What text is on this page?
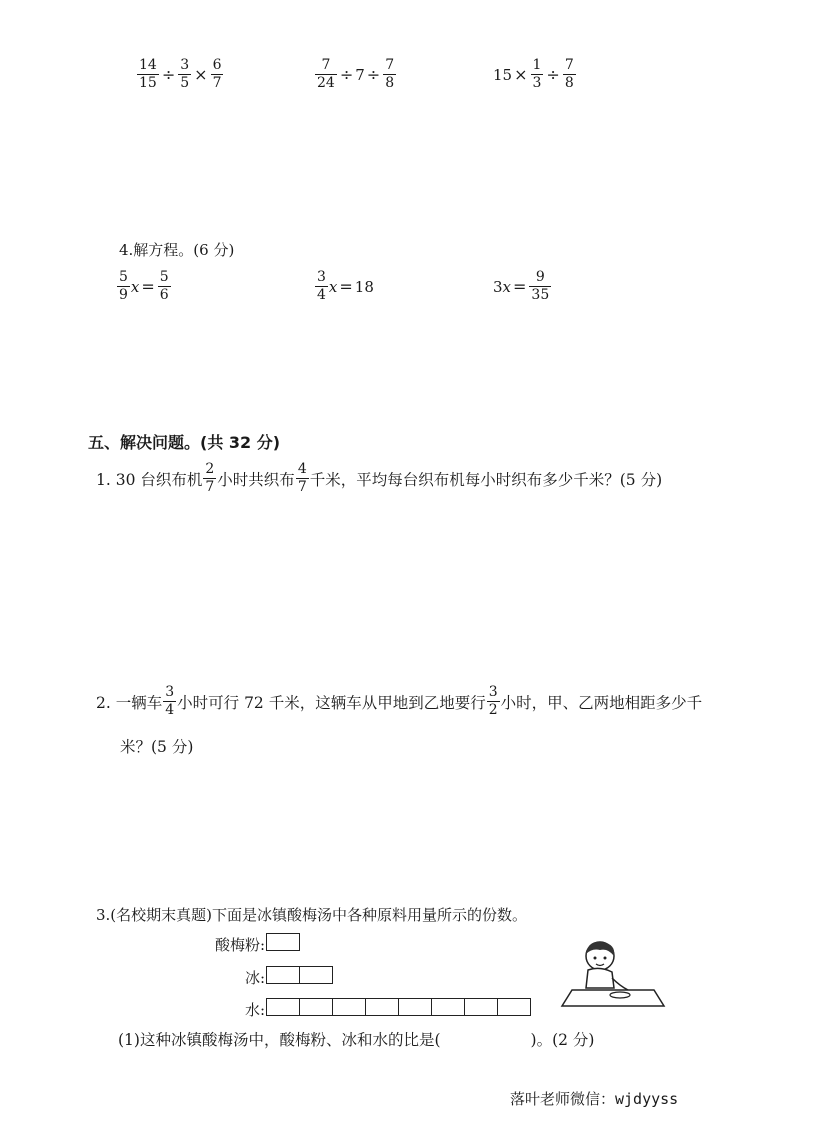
$\frac{14}{15} \div \frac{3}{5} \times \frac{6}{7}$	$\frac{7}{24} \div 7 \div \frac{7}{8}$	$15 \times \frac{1}{3} \div \frac{7}{8}$
4.解方程。(6 分)
$\frac{5}{9}$ $x = \frac{5}{6}$	$\frac{3}{4}$ x = 18	3 $x = \frac{9}{35}$
五、解决问题。(共 32 分)
1. 30 台织布机 $\frac{2}{7}$ 小时共织布 $\frac{4}{7}$ 千米，平均每台织布机每小时织布多少千米？(5 分)
2. 一辆车 $\frac{3}{4}$ 小时可行 72 千米，这辆车从甲地到乙地要行 $\frac{3}{2}$ 小时，甲、乙两地相距多少千
米？(5 分)
3.(名校期末真题)下面是冰镇酸梅汤中各种原料用量所示的份数。
酸梅粉:
冰:
水:
(1)这种冰镇酸梅汤中，酸梅粉、冰和水的比是(	)。(2 分)
落叶老师微信：wjdyyss
